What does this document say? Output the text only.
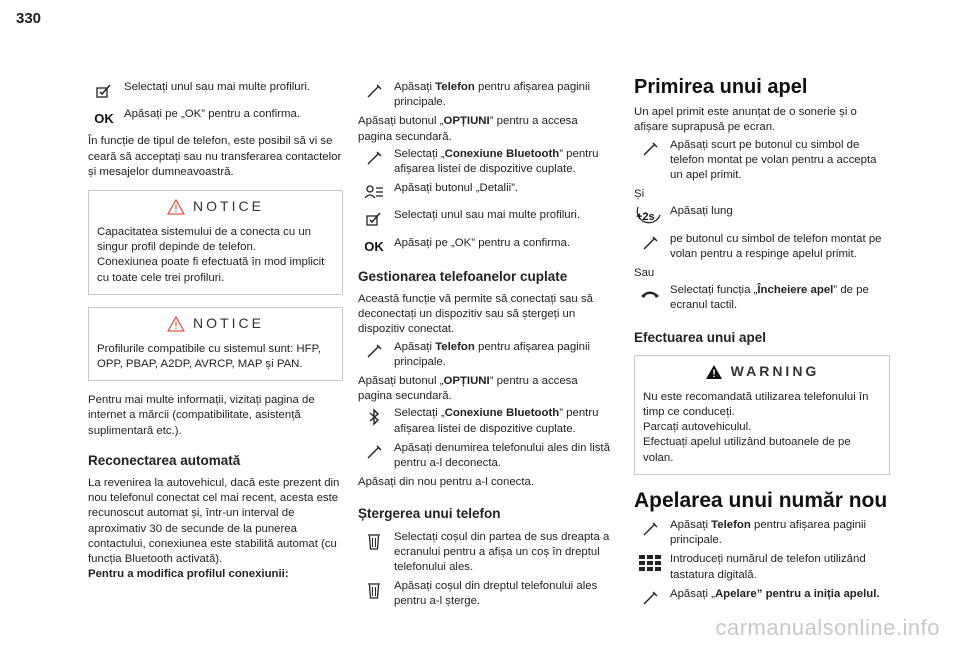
330
Selectați unul sau mai multe profiluri.
OK Apăsați pe „OK” pentru a confirma.

În funcție de tipul de telefon, este posibil să vi se ceară să acceptați sau nu transferarea contactelor și mesajelor dumneavoastră.

NOTICE
Capacitatea sistemului de a conecta cu un singur profil depinde de telefon.
Conexiunea poate fi efectuată în mod implicit cu toate cele trei profiluri.
NOTICE
Profilurile compatibile cu sistemul sunt: HFP, OPP, PBAP, A2DP, AVRCP, MAP și PAN.

Pentru mai multe informații, vizitați pagina de internet a mărcii (compatibilitate, asistență suplimentară etc.).

Reconectarea automată

La revenirea la autovehicul, dacă este prezent din nou telefonul conectat cel mai recent, acesta este recunoscut automat și, într-un interval de aproximativ 30 de secunde de la punerea contactului, conexiunea este stabilită automat (cu funcția Bluetooth activată).

Pentru a modifica profilul conexiunii:

Apăsați Telefon pentru afișarea paginii principale.
Apăsați butonul „OPȚIUNI” pentru a accesa pagina secundară.
Selectați „Conexiune Bluetooth” pentru afișarea listei de dispozitive cuplate.
Apăsați butonul „Detalii”.
Selectați unul sau mai multe profiluri.
OK Apăsați pe „OK” pentru a confirma.
Gestionarea telefoanelor cuplate

Această funcție vă permite să conectați sau să deconectați un dispozitiv sau să ștergeți un dispozitiv conectat.

Apăsați Telefon pentru afișarea paginii principale.
Apăsați butonul „OPȚIUNI” pentru a accesa pagina secundară.
Selectați „Conexiune Bluetooth” pentru afișarea listei de dispozitive cuplate.
Apăsați denumirea telefonului ales din listă pentru a-l deconecta.
Apăsați din nou pentru a-l conecta.
Ștergerea unui telefon
Selectați coșul din partea de sus dreapta a ecranului pentru a afișa un coș în dreptul telefonului ales.
Apăsați coșul din dreptul telefonului ales pentru a-l șterge.
Primirea unui apel

Un apel primit este anunțat de o sonerie și o afișare suprapusă pe ecran.

Apăsați scurt pe butonul cu simbol de telefon montat pe volan pentru a accepta un apel primit.
Și
+2s Apăsați lung
pe butonul cu simbol de telefon montat pe volan pentru a respinge apelul primit.
Sau
Selectați funcția „Încheiere apel” de pe ecranul tactil.
Efectuarea unui apel
WARNING
Nu este recomandată utilizarea telefonului în timp ce conduceți.
Parcați autovehiculul.
Efectuați apelul utilizând butoanele de pe volan.
Apelarea unui număr nou
Apăsați Telefon pentru afișarea paginii principale.
Introduceți numărul de telefon utilizând tastatura digitală.
Apăsați „Apelare” pentru a iniția apelul.
carmanualsonline.info
